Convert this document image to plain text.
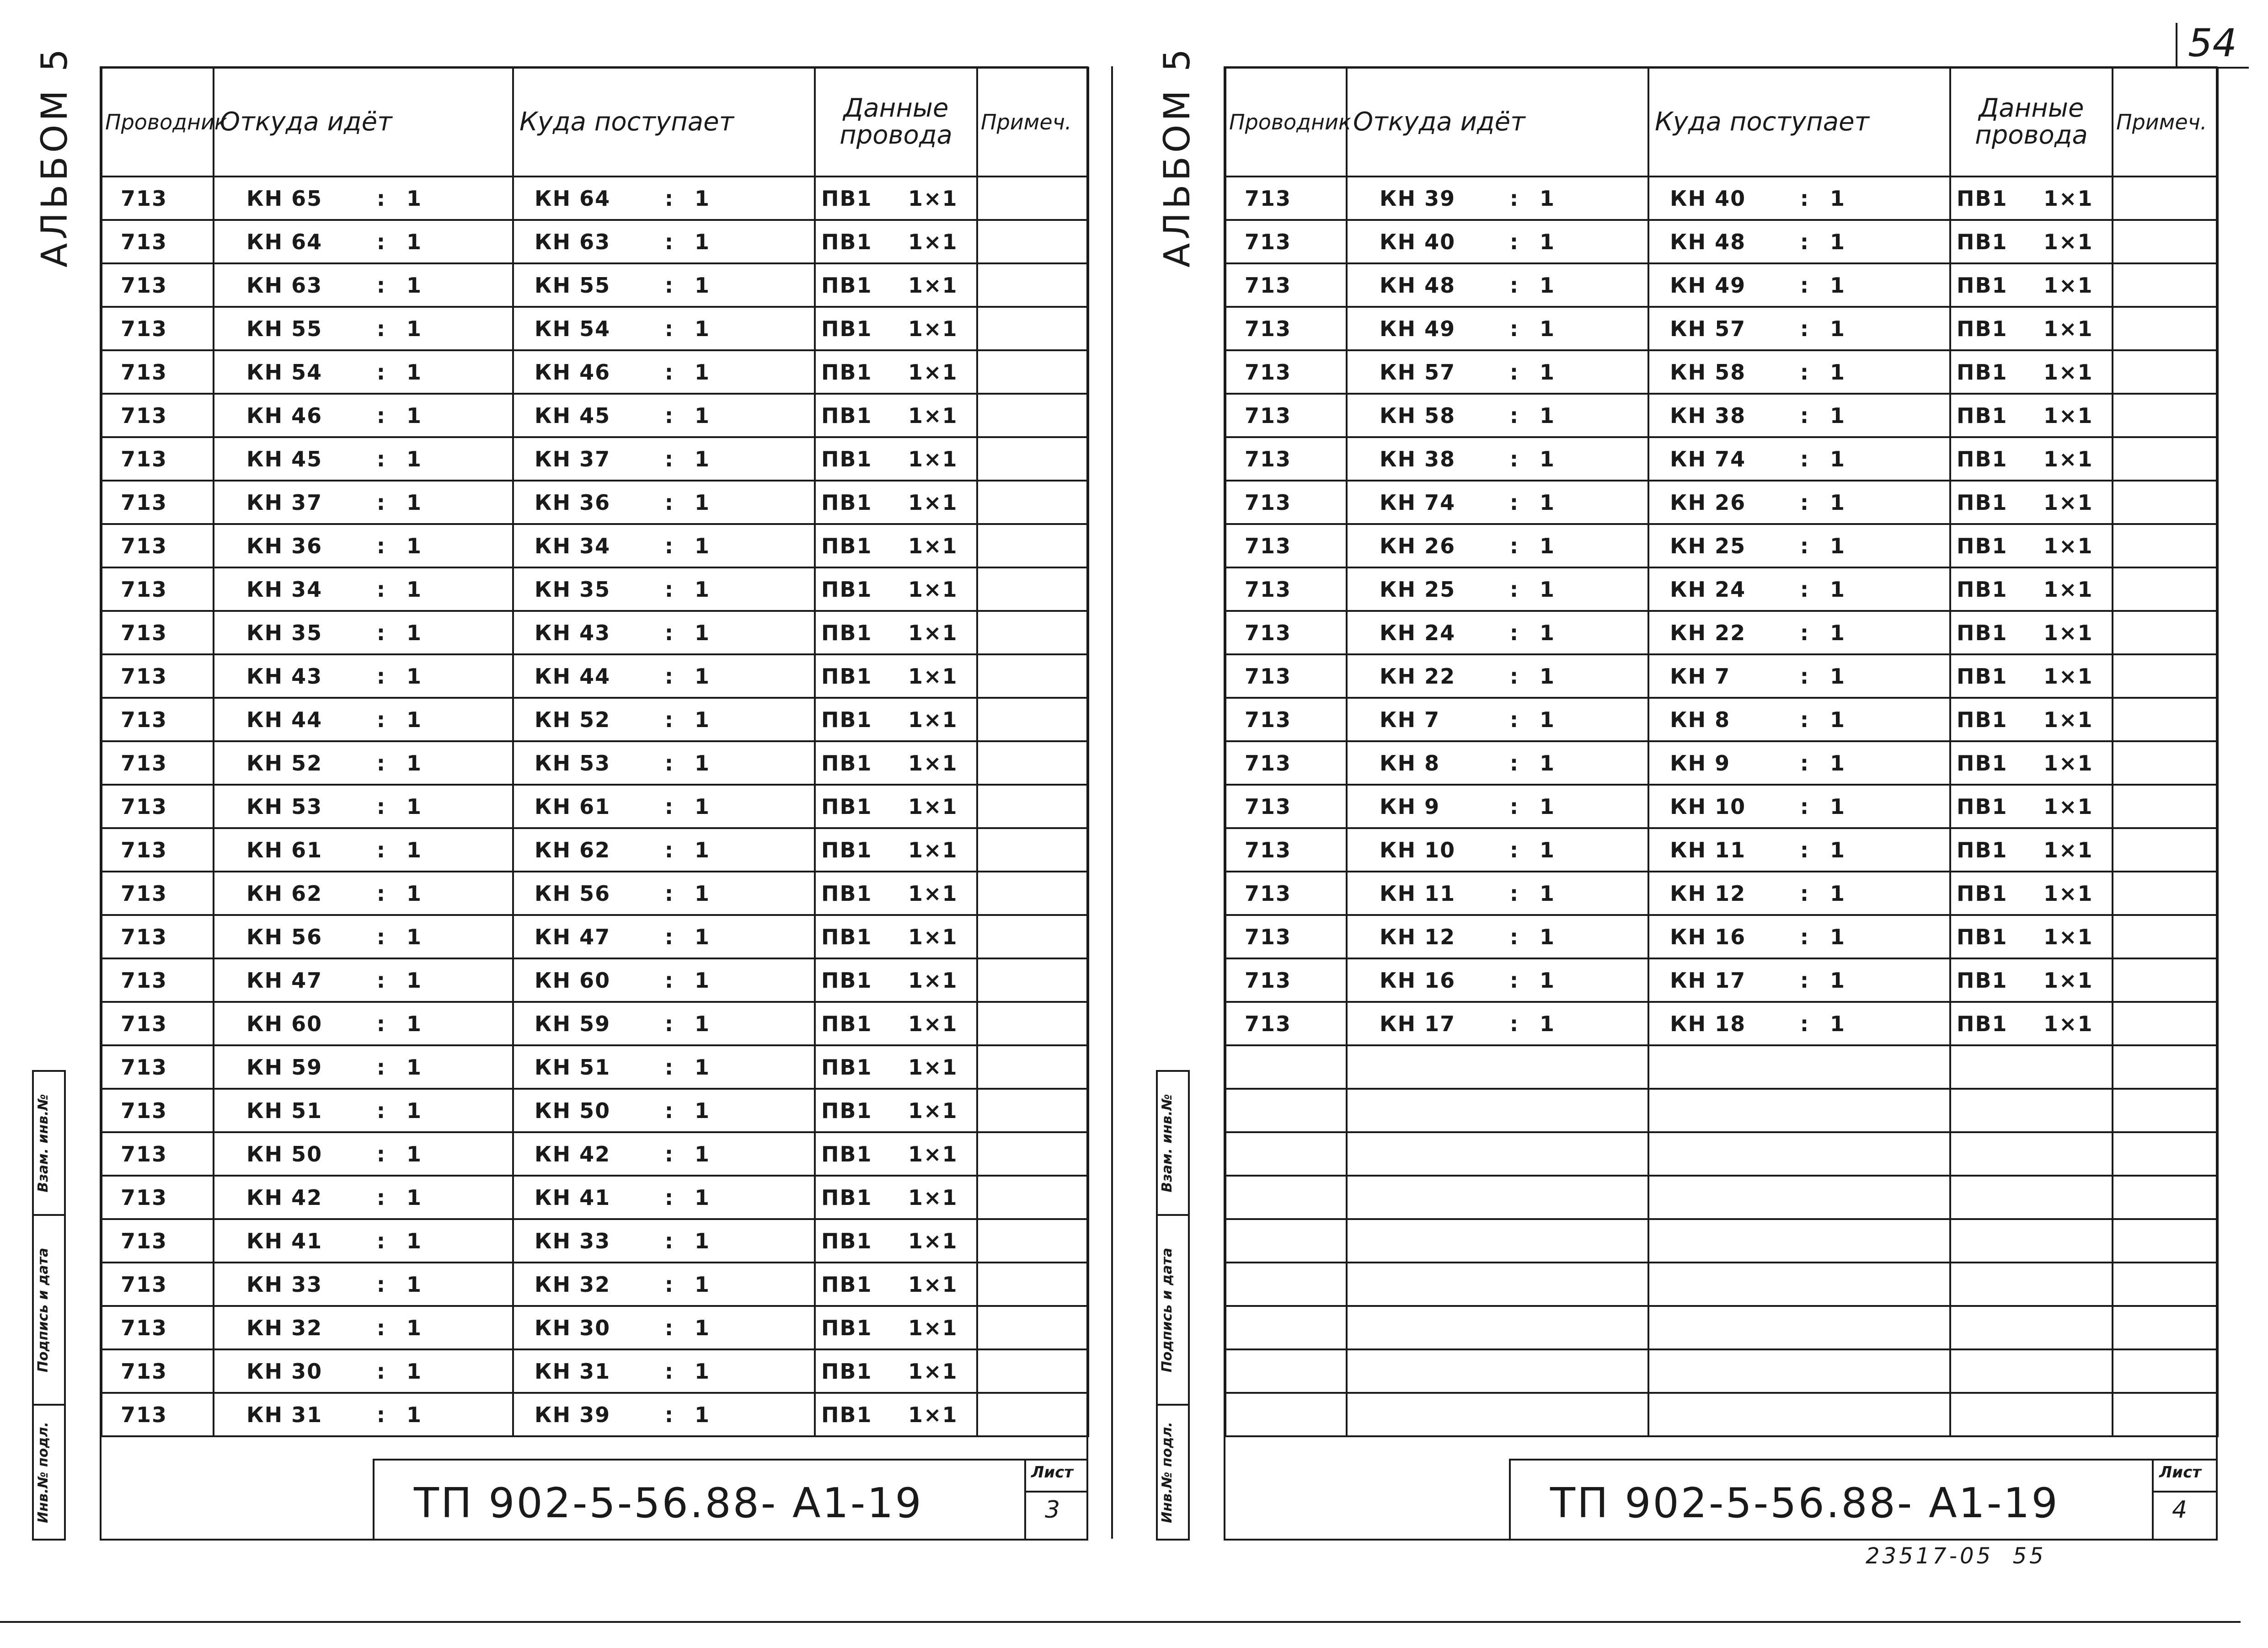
54
АЛЬБОМ 5	АЛЬБОМ 5
Взам. инв.№
Подпись и дата
Инв.№ подл.
Взам. инв.№
Подпись и дата
Инв.№ подл.
Проводник	Откуда идёт	Куда поступает	Данные
провода	Примеч.
713	КН 65 : 1	КН 64 : 1	ПВ1 1×1	

713	КН 64 : 1	КН 63 : 1	ПВ1 1×1	

713	КН 63 : 1	КН 55 : 1	ПВ1 1×1	

713	КН 55 : 1	КН 54 : 1	ПВ1 1×1	

713	КН 54 : 1	КН 46 : 1	ПВ1 1×1	

713	КН 46 : 1	КН 45 : 1	ПВ1 1×1	

713	КН 45 : 1	КН 37 : 1	ПВ1 1×1	

713	КН 37 : 1	КН 36 : 1	ПВ1 1×1	

713	КН 36 : 1	КН 34 : 1	ПВ1 1×1	

713	КН 34 : 1	КН 35 : 1	ПВ1 1×1	

713	КН 35 : 1	КН 43 : 1	ПВ1 1×1	

713	КН 43 : 1	КН 44 : 1	ПВ1 1×1	

713	КН 44 : 1	КН 52 : 1	ПВ1 1×1	

713	КН 52 : 1	КН 53 : 1	ПВ1 1×1	

713	КН 53 : 1	КН 61 : 1	ПВ1 1×1	

713	КН 61 : 1	КН 62 : 1	ПВ1 1×1	

713	КН 62 : 1	КН 56 : 1	ПВ1 1×1	

713	КН 56 : 1	КН 47 : 1	ПВ1 1×1	

713	КН 47 : 1	КН 60 : 1	ПВ1 1×1	

713	КН 60 : 1	КН 59 : 1	ПВ1 1×1	

713	КН 59 : 1	КН 51 : 1	ПВ1 1×1	

713	КН 51 : 1	КН 50 : 1	ПВ1 1×1	

713	КН 50 : 1	КН 42 : 1	ПВ1 1×1	

713	КН 42 : 1	КН 41 : 1	ПВ1 1×1	

713	КН 41 : 1	КН 33 : 1	ПВ1 1×1	

713	КН 33 : 1	КН 32 : 1	ПВ1 1×1	

713	КН 32 : 1	КН 30 : 1	ПВ1 1×1	

713	КН 30 : 1	КН 31 : 1	ПВ1 1×1	

713	КН 31 : 1	КН 39 : 1	ПВ1 1×1	

ТП 902-5-56.88- А1-19
Лист
3
Проводник	Откуда идёт	Куда поступает	Данные
провода	Примеч.
713	КН 39 : 1	КН 40 : 1	ПВ1 1×1	

713	КН 40 : 1	КН 48 : 1	ПВ1 1×1	

713	КН 48 : 1	КН 49 : 1	ПВ1 1×1	

713	КН 49 : 1	КН 57 : 1	ПВ1 1×1	

713	КН 57 : 1	КН 58 : 1	ПВ1 1×1	

713	КН 58 : 1	КН 38 : 1	ПВ1 1×1	

713	КН 38 : 1	КН 74 : 1	ПВ1 1×1	

713	КН 74 : 1	КН 26 : 1	ПВ1 1×1	

713	КН 26 : 1	КН 25 : 1	ПВ1 1×1	

713	КН 25 : 1	КН 24 : 1	ПВ1 1×1	

713	КН 24 : 1	КН 22 : 1	ПВ1 1×1	

713	КН 22 : 1	КН 7 : 1	ПВ1 1×1	

713	КН 7 : 1	КН 8 : 1	ПВ1 1×1	

713	КН 8 : 1	КН 9 : 1	ПВ1 1×1	

713	КН 9 : 1	КН 10 : 1	ПВ1 1×1	

713	КН 10 : 1	КН 11 : 1	ПВ1 1×1	

713	КН 11 : 1	КН 12 : 1	ПВ1 1×1	

713	КН 12 : 1	КН 16 : 1	ПВ1 1×1	

713	КН 16 : 1	КН 17 : 1	ПВ1 1×1	

713	КН 17 : 1	КН 18 : 1	ПВ1 1×1	

ТП 902-5-56.88- А1-19
Лист
4
23517-05  55
